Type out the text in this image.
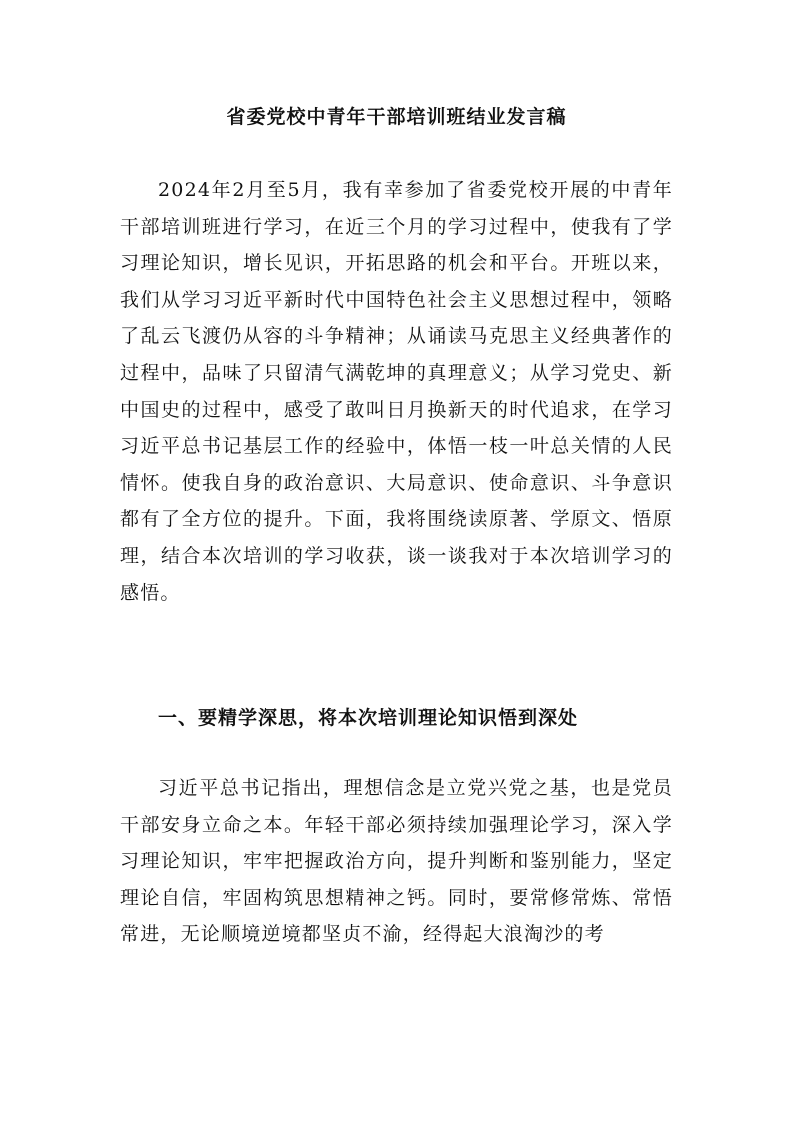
省委党校中青年干部培训班结业发言稿

2024年2月至5月，我有幸参加了省委党校开展的中青年干部培训班进行学习，在近三个月的学习过程中，使我有了学习理论知识，增长见识，开拓思路的机会和平台。开班以来，我们从学习习近平新时代中国特色社会主义思想过程中，领略了乱云飞渡仍从容的斗争精神；从诵读马克思主义经典著作的过程中，品味了只留清气满乾坤的真理意义；从学习党史、新中国史的过程中，感受了敢叫日月换新天的时代追求，在学习习近平总书记基层工作的经验中，体悟一枝一叶总关情的人民情怀。使我自身的政治意识、大局意识、使命意识、斗争意识都有了全方位的提升。下面，我将围绕读原著、学原文、悟原理，结合本次培训的学习收获，谈一谈我对于本次培训学习的感悟。

一、要精学深思，将本次培训理论知识悟到深处

习近平总书记指出，理想信念是立党兴党之基，也是党员干部安身立命之本。年轻干部必须持续加强理论学习，深入学习理论知识，牢牢把握政治方向，提升判断和鉴别能力，坚定理论自信，牢固构筑思想精神之钙。同时，要常修常炼、常悟常进，无论顺境逆境都坚贞不渝，经得起大浪淘沙的考
